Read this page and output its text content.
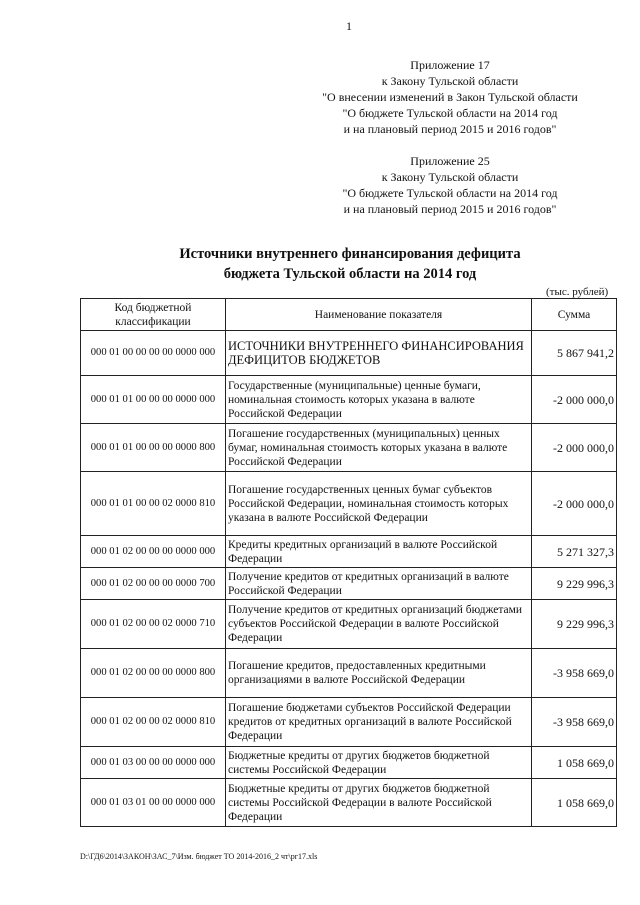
1
Приложение 17
к Закону Тульской области
"О внесении изменений в Закон Тульской области
"О бюджете Тульской области на 2014 год
и на плановый период 2015 и 2016 годов"
Приложение 25
к Закону Тульской области
"О бюджете Тульской области на 2014 год
и на плановый период 2015 и 2016 годов"
Источники внутреннего финансирования дефицита
бюджета Тульской области на 2014 год
(тыс. рублей)
Код бюджетной классификации	Наименование показателя	Сумма
000 01 00 00 00 00 0000 000	ИСТОЧНИКИ ВНУТРЕННЕГО ФИНАНСИРОВАНИЯ ДЕФИЦИТОВ БЮДЖЕТОВ	5 867 941,2
000 01 01 00 00 00 0000 000	Государственные (муниципальные) ценные бумаги, номинальная стоимость которых указана в валюте Российской Федерации	-2 000 000,0
000 01 01 00 00 00 0000 800	Погашение государственных (муниципальных) ценных бумаг, номинальная стоимость которых указана в валюте Российской Федерации	-2 000 000,0
000 01 01 00 00 02 0000 810	Погашение государственных ценных бумаг субъектов Российской Федерации, номинальная стоимость которых указана в валюте Российской Федерации	-2 000 000,0
000 01 02 00 00 00 0000 000	Кредиты кредитных организаций в валюте Российской Федерации	5 271 327,3
000 01 02 00 00 00 0000 700	Получение кредитов от кредитных организаций в валюте Российской Федерации	9 229 996,3
000 01 02 00 00 02 0000 710	Получение кредитов от кредитных организаций бюджетами субъектов Российской Федерации в валюте Российской Федерации	9 229 996,3
000 01 02 00 00 00 0000 800	Погашение кредитов, предоставленных кредитными организациями в валюте Российской Федерации	-3 958 669,0
000 01 02 00 00 02 0000 810	Погашение бюджетами субъектов Российской Федерации кредитов от кредитных организаций в валюте Российской Федерации	-3 958 669,0
000 01 03 00 00 00 0000 000	Бюджетные кредиты от других бюджетов бюджетной системы Российской Федерации	1 058 669,0
000 01 03 01 00 00 0000 000	Бюджетные кредиты от других бюджетов бюджетной системы Российской Федерации в валюте Российской Федерации	1 058 669,0
D:\ГД6\2014\ЗАКОН\ЗАС_7\Изм. бюджет ТО 2014-2016_2 чт\рг17.xls
